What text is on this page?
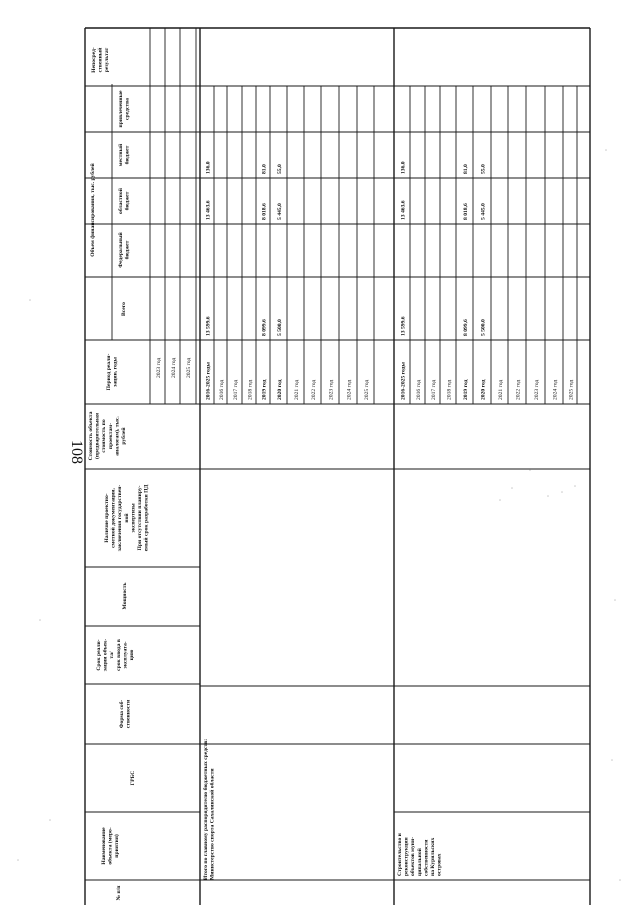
108
Непосред-ственныйрезультат
Объем финансирования, тыс. рублей
привлеченныесредства
местныйбюджет
областнойбюджет
Федеральныйбюджет
Всего
Период реали-зации, годы
Стоимость объекта(предварительнаястоимость попроектам-аналогам), тыс.рублей
Наличие проектно-сметной документации,заключения государствен-нойэкспертизыПри отсутствии планиру-емый срок разработки ПД
Мощность
Срок реали-зации объек-та/срок ввода вэксплуата-цию
Форма соб-ственности
ГРБС
Наименованиеобъекта (меро-приятия)
№ п/п
2023 год 2024 год 2025 год 2016-2025 годы
13 599,6
13 463,6
136,0
2016 год 2017 год 2018 год 2019 год
8 099,6
8 018,6
81,0
2020 год
5 500,0
5 445,0
55,0
2021 год 2022 год 2023 год 2024 год 2025 год	2016-2025 годы
13 599,6
13 463,6
136,0
2016 год 2017 год 2018 год 2019 год
8 099,6
8 018,6
81,0
2020 год
5 500,0
5 445,0
55,0
2021 год 2022 год 2023 год 2024 год 2025 год
Итого по главному распорядителю бюджетных средств:Министерство спорта Сахалинской области	Строительство иреконструкцияобъектов муни-ципальнойсобственностина Курильскихостровах
